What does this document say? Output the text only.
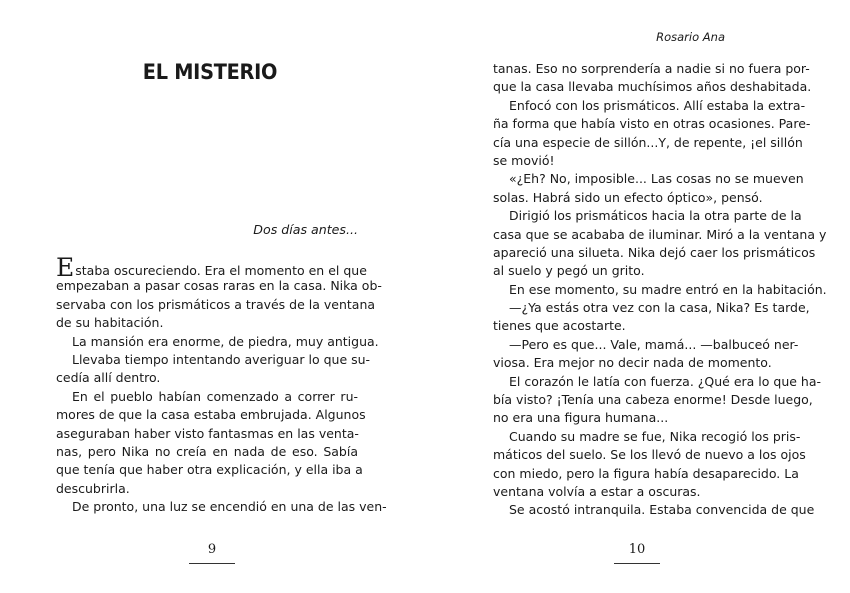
EL MISTERIO

Dos días antes...

Estaba oscureciendo. Era el momento en el que
empezaban a pasar cosas raras en la casa. Nika ob-
servaba con los prismáticos a través de la ventana
de su habitación.
La mansión era enorme, de piedra, muy antigua.
Llevaba tiempo intentando averiguar lo que su-
cedía allí dentro.
En el pueblo habían comenzado a correr ru-
mores de que la casa estaba embrujada. Algunos
aseguraban haber visto fantasmas en las venta-
nas, pero Nika no creía en nada de eso. Sabía
que tenía que haber otra explicación, y ella iba a
descubrirla.
De pronto, una luz se encendió en una de las ven-
9

Rosario Ana

tanas. Eso no sorprendería a nadie si no fuera por-
que la casa llevaba muchísimos años deshabitada.
Enfocó con los prismáticos. Allí estaba la extra-
ña forma que había visto en otras ocasiones. Pare-
cía una especie de sillón...Y, de repente, ¡el sillón
se movió!
«¿Eh? No, imposible... Las cosas no se mueven
solas. Habrá sido un efecto óptico», pensó.
Dirigió los prismáticos hacia la otra parte de la
casa que se acababa de iluminar. Miró a la ventana y
apareció una silueta. Nika dejó caer los prismáticos
al suelo y pegó un grito.
En ese momento, su madre entró en la habitación.
—¿Ya estás otra vez con la casa, Nika? Es tarde,
tienes que acostarte.
—Pero es que... Vale, mamá... —balbuceó ner-
viosa. Era mejor no decir nada de momento.
El corazón le latía con fuerza. ¿Qué era lo que ha-
bía visto? ¡Tenía una cabeza enorme! Desde luego,
no era una figura humana...
Cuando su madre se fue, Nika recogió los pris-
máticos del suelo. Se los llevó de nuevo a los ojos
con miedo, pero la figura había desaparecido. La
ventana volvía a estar a oscuras.
Se acostó intranquila. Estaba convencida de que
10
